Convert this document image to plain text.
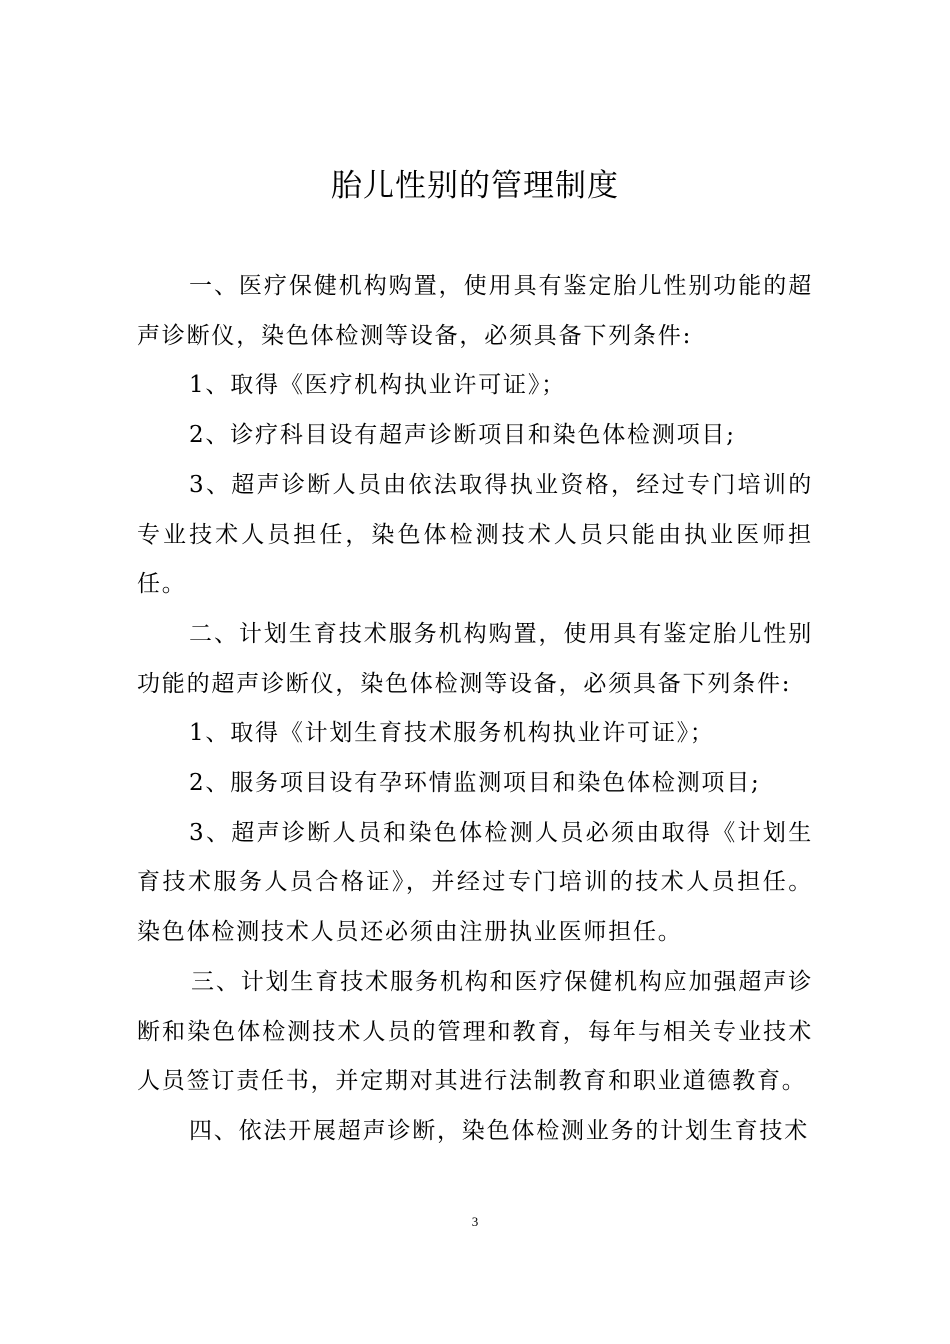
胎儿性别的管理制度

一、医疗保健机构购置，使用具有鉴定胎儿性别功能的超声诊断仪，染色体检测等设备，必须具备下列条件:

1、取得《医疗机构执业许可证》；

2、诊疗科目设有超声诊断项目和染色体检测项目;

3、超声诊断人员由依法取得执业资格，经过专门培训的专业技术人员担任，染色体检测技术人员只能由执业医师担任。

二、计划生育技术服务机构购置，使用具有鉴定胎儿性别功能的超声诊断仪，染色体检测等设备，必须具备下列条件:

1、取得《计划生育技术服务机构执业许可证》；

2、服务项目设有孕环情监测项目和染色体检测项目;

3、超声诊断人员和染色体检测人员必须由取得《计划生育技术服务人员合格证》，并经过专门培训的技术人员担任。染色体检测技术人员还必须由注册执业医师担任。

三、计划生育技术服务机构和医疗保健机构应加强超声诊断和染色体检测技术人员的管理和教育，每年与相关专业技术人员签订责任书，并定期对其进行法制教育和职业道德教育。

四、依法开展超声诊断，染色体检测业务的计划生育技术

3
